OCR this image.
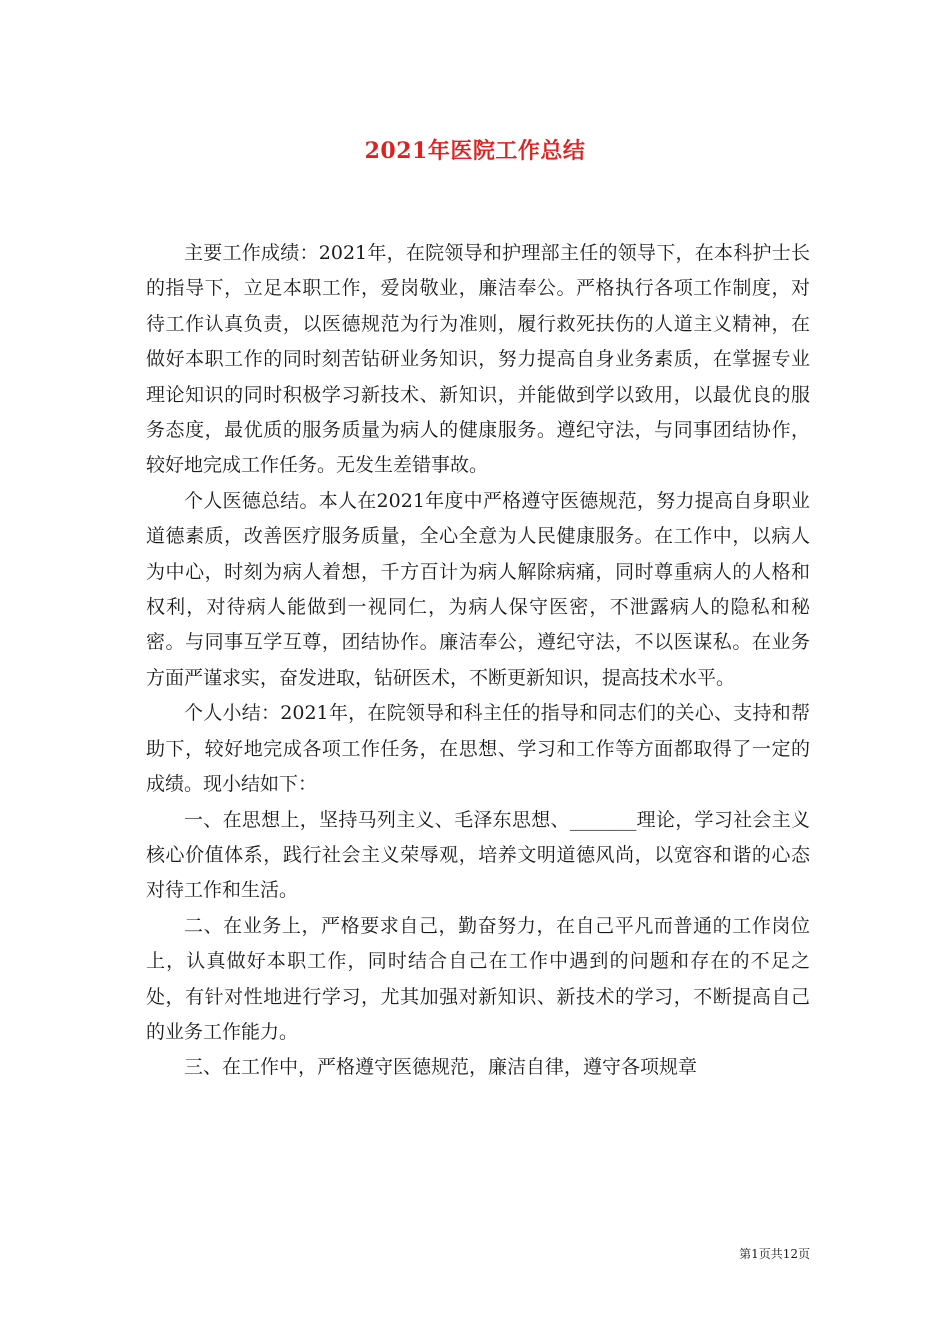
2021年医院工作总结

主要工作成绩：2021年，在院领导和护理部主任的领导下，在本科护士长的指导下，立足本职工作，爱岗敬业，廉洁奉公。严格执行各项工作制度，对待工作认真负责，以医德规范为行为准则，履行救死扶伤的人道主义精神，在做好本职工作的同时刻苦钻研业务知识，努力提高自身业务素质，在掌握专业理论知识的同时积极学习新技术、新知识，并能做到学以致用，以最优良的服务态度，最优质的服务质量为病人的健康服务。遵纪守法，与同事团结协作，较好地完成工作任务。无发生差错事故。

个人医德总结。本人在2021年度中严格遵守医德规范，努力提高自身职业道德素质，改善医疗服务质量，全心全意为人民健康服务。在工作中，以病人为中心，时刻为病人着想，千方百计为病人解除病痛，同时尊重病人的人格和权利，对待病人能做到一视同仁，为病人保守医密，不泄露病人的隐私和秘密。与同事互学互尊，团结协作。廉洁奉公，遵纪守法，不以医谋私。在业务方面严谨求实，奋发进取，钻研医术，不断更新知识，提高技术水平。

个人小结：2021年，在院领导和科主任的指导和同志们的关心、支持和帮助下，较好地完成各项工作任务，在思想、学习和工作等方面都取得了一定的成绩。现小结如下：

一、在思想上，坚持马列主义、毛泽东思想、_______理论，学习社会主义核心价值体系，践行社会主义荣辱观，培养文明道德风尚，以宽容和谐的心态对待工作和生活。

二、在业务上，严格要求自己，勤奋努力，在自己平凡而普通的工作岗位上，认真做好本职工作，同时结合自己在工作中遇到的问题和存在的不足之处，有针对性地进行学习，尤其加强对新知识、新技术的学习，不断提高自己的业务工作能力。

三、在工作中，严格遵守医德规范，廉洁自律，遵守各项规章

第1页共12页
